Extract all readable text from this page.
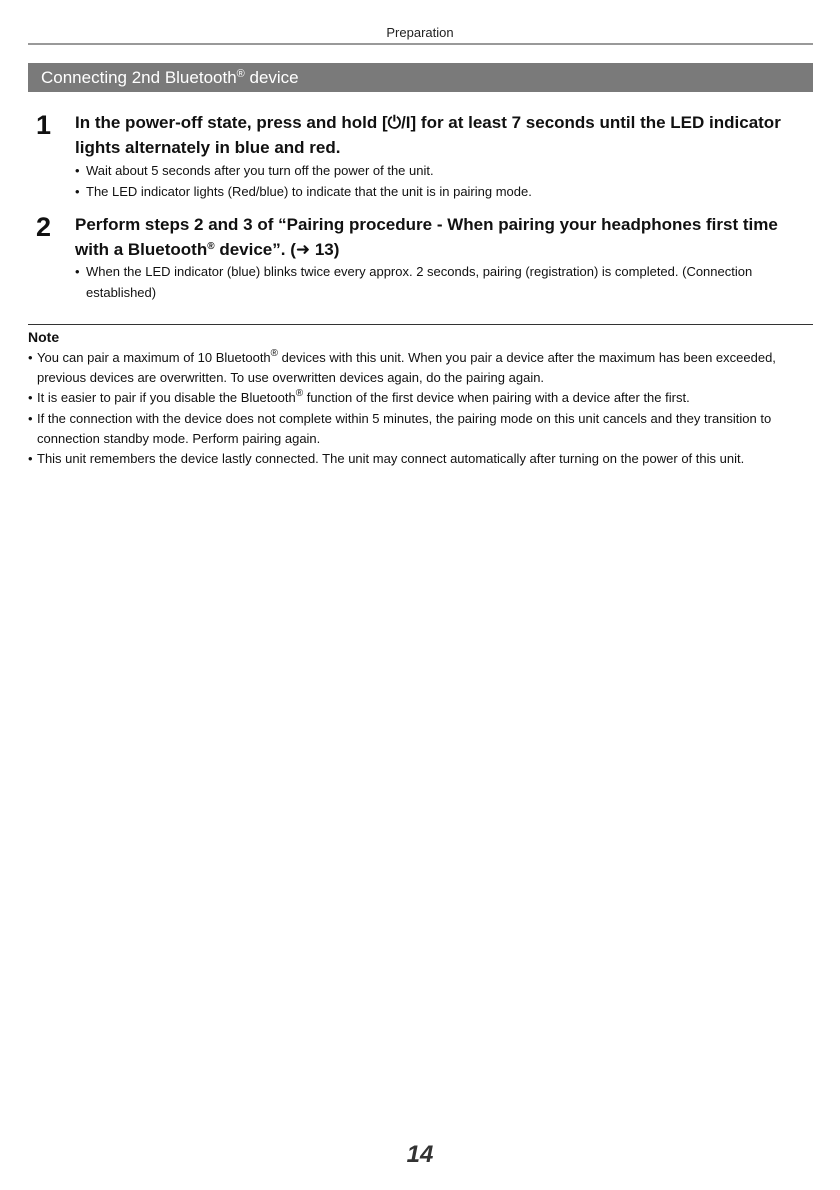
Preparation
Connecting 2nd Bluetooth® device
1 In the power-off state, press and hold [⏻/I] for at least 7 seconds until the LED indicator lights alternately in blue and red.
• Wait about 5 seconds after you turn off the power of the unit.
• The LED indicator lights (Red/blue) to indicate that the unit is in pairing mode.
2 Perform steps 2 and 3 of “Pairing procedure - When pairing your headphones first time with a Bluetooth® device”. (➜ 13)
• When the LED indicator (blue) blinks twice every approx. 2 seconds, pairing (registration) is completed. (Connection established)
Note
• You can pair a maximum of 10 Bluetooth® devices with this unit. When you pair a device after the maximum has been exceeded, previous devices are overwritten. To use overwritten devices again, do the pairing again.
• It is easier to pair if you disable the Bluetooth® function of the first device when pairing with a device after the first.
• If the connection with the device does not complete within 5 minutes, the pairing mode on this unit cancels and they transition to connection standby mode. Perform pairing again.
• This unit remembers the device lastly connected. The unit may connect automatically after turning on the power of this unit.
14
